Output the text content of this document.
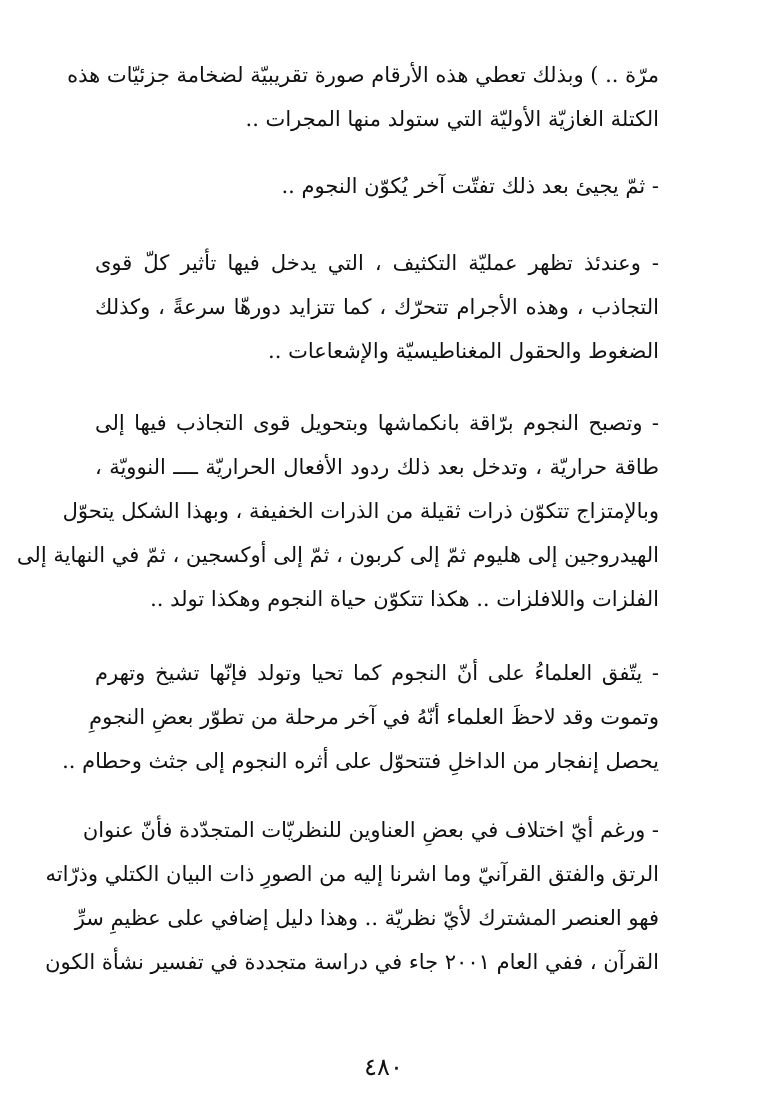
مرّة .. ) وبذلك تعطي هذه الأرقام صورة تقريبيّة لضخامة جزئيّات هذه
الكتلة الغازيّة الأوليّة التي ستولد منها المجرات ..
- ثمّ يجيئ بعد ذلك تفتّت آخر يُكوّن النجوم ..
- وعندئذ تظهر عمليّة التكثيف ، التي يدخل فيها تأثير كلّ قوى
التجاذب ، وهذه الأجرام تتحرّك ، كما تتزايد دورهّا سرعةً ، وكذلك
الضغوط والحقول المغناطيسيّة والإشعاعات ..
- وتصبح النجوم برّاقة بانكماشها وبتحويل قوى التجاذب فيها إلى
طاقة حراريّة ، وتدخل بعد ذلك ردود الأفعال الحراريّة ــــ النوويّة ،
وبالإمتزاج تتكوّن ذرات ثقيلة من الذرات الخفيفة ، وبهذا الشكل يتحوّل
الهيدروجين إلى هليوم ثمّ إلى كربون ، ثمّ إلى أوكسجين ، ثمّ في النهاية إلى
الفلزات واللافلزات .. هكذا تتكوّن حياة النجوم وهكذا تولد ..
- يتّفق العلماءُ على أنّ النجوم كما تحيا وتولد فإنّها تشيخ وتهرم
وتموت وقد لاحظَ العلماء أنّهُ في آخر مرحلة من تطوّر بعضِ النجومِ
يحصل إنفجار من الداخلِ فتتحوّل على أثره النجوم إلى جثث وحطام ..
- ورغم أيّ اختلاف في بعضِ العناوين للنظريّات المتجدّدة فأنّ عنوان
الرتق والفتق القرآنيّ وما اشرنا إليه من الصورِ ذات البيان الكتلي وذرّاته
فهو العنصر المشترك لأيّ نظريّة .. وهذا دليل إضافي على عظيمِ سرِّ
القرآن ، ففي العام ٢٠٠١ جاء في دراسة متجددة في تفسير نشأة الكون
٤٨٠
